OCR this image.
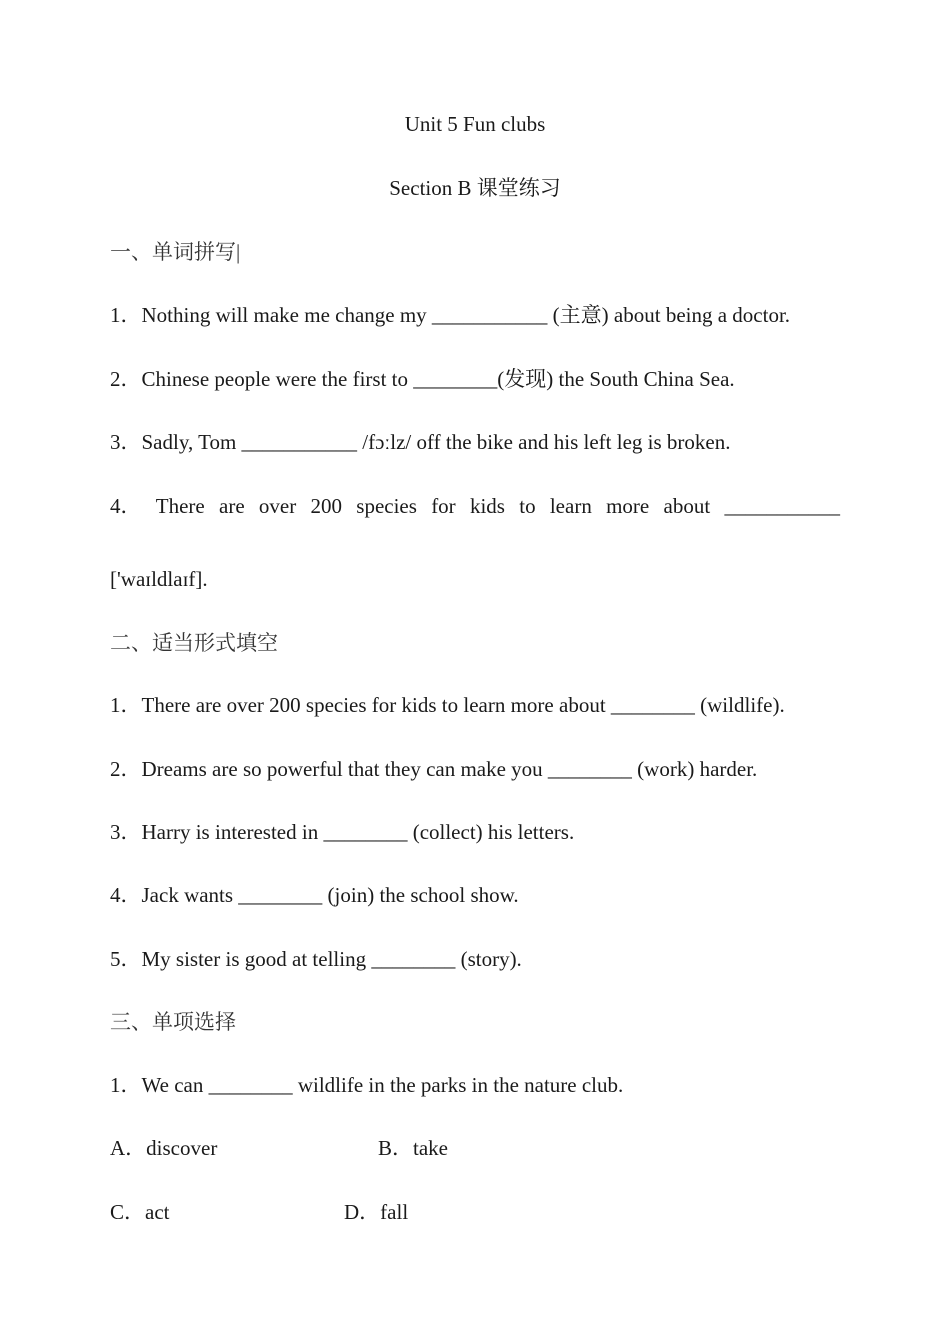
Unit 5 Fun clubs
Section B 课堂练习
一、单词拼写|
1．Nothing will make me change my ___________ (主意) about being a doctor.
2．Chinese people were the first to ________(发现) the South China Sea.
3．Sadly, Tom ___________ /fɔːlz/ off the bike and his left leg is broken.
4． There are over 200 species for kids to learn more about ___________
['waɪldlaɪf].
二、适当形式填空
1．There are over 200 species for kids to learn more about ________ (wildlife).
2．Dreams are so powerful that they can make you ________ (work) harder.
3．Harry is interested in ________ (collect) his letters.
4．Jack wants ________ (join) the school show.
5．My sister is good at telling ________ (story).
三、单项选择
1．We can ________ wildlife in the parks in the nature club.
A．discover	B．take
C．act	D．fall
